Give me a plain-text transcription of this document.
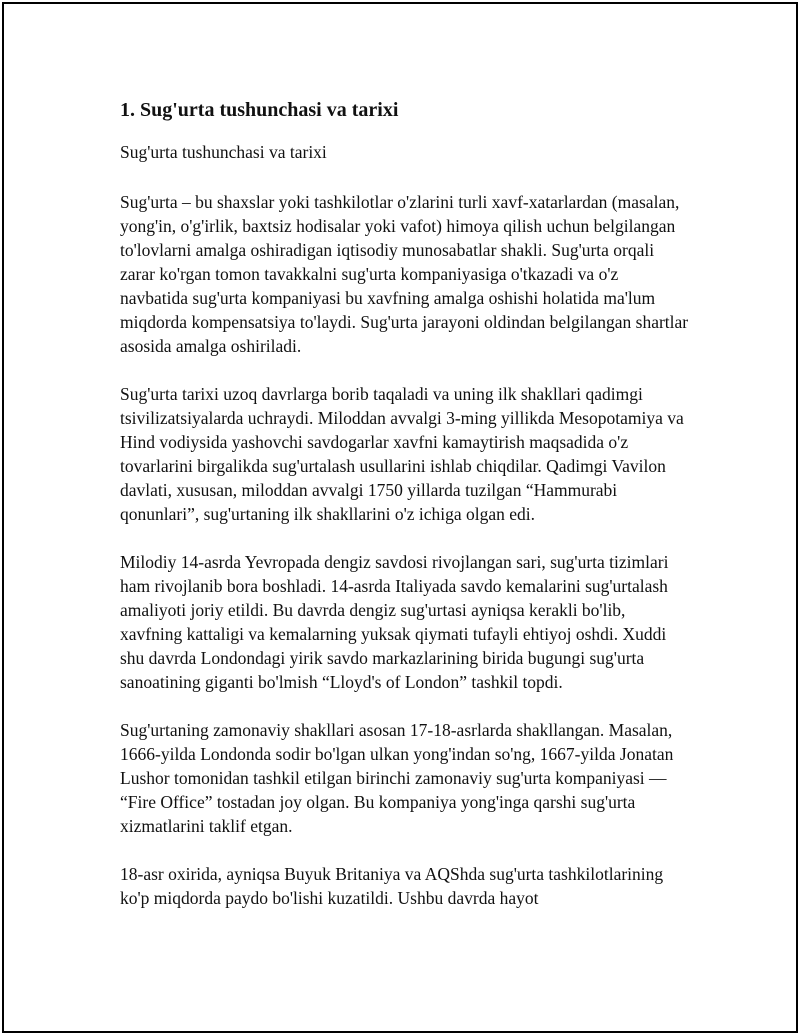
1. Sug'urta tushunchasi va tarixi
Sug'urta tushunchasi va tarixi

Sug'urta – bu shaxslar yoki tashkilotlar o'zlarini turli xavf-xatarlardan (masalan, yong'in, o'g'irlik, baxtsiz hodisalar yoki vafot) himoya qilish uchun belgilangan to'lovlarni amalga oshiradigan iqtisodiy munosabatlar shakli. Sug'urta orqali zarar ko'rgan tomon tavakkalni sug'urta kompaniyasiga o'tkazadi va o'z navbatida sug'urta kompaniyasi bu xavfning amalga oshishi holatida ma'lum miqdorda kompensatsiya to'laydi. Sug'urta jarayoni oldindan belgilangan shartlar asosida amalga oshiriladi.

Sug'urta tarixi uzoq davrlarga borib taqaladi va uning ilk shakllari qadimgi tsivilizatsiyalarda uchraydi. Miloddan avvalgi 3-ming yillikda Mesopotamiya va Hind vodiysida yashovchi savdogarlar xavfni kamaytirish maqsadida o'z tovarlarini birgalikda sug'urtalash usullarini ishlab chiqdilar. Qadimgi Vavilon davlati, xususan, miloddan avvalgi 1750 yillarda tuzilgan “Hammurabi qonunlari”, sug'urtaning ilk shakllarini o'z ichiga olgan edi.

Milodiy 14-asrda Yevropada dengiz savdosi rivojlangan sari, sug'urta tizimlari ham rivojlanib bora boshladi. 14-asrda Italiyada savdo kemalarini sug'urtalash amaliyoti joriy etildi. Bu davrda dengiz sug'urtasi ayniqsa kerakli bo'lib, xavfning kattaligi va kemalarning yuksak qiymati tufayli ehtiyoj oshdi. Xuddi shu davrda Londondagi yirik savdo markazlarining birida bugungi sug'urta sanoatining giganti bo'lmish “Lloyd's of London” tashkil topdi.

Sug'urtaning zamonaviy shakllari asosan 17-18-asrlarda shakllangan. Masalan, 1666-yilda Londonda sodir bo'lgan ulkan yong'indan so'ng, 1667-yilda Jonatan Lushor tomonidan tashkil etilgan birinchi zamonaviy sug'urta kompaniyasi — “Fire Office” tostadan joy olgan. Bu kompaniya yong'inga qarshi sug'urta xizmatlarini taklif etgan.

18-asr oxirida, ayniqsa Buyuk Britaniya va AQShda sug'urta tashkilotlarining ko'p miqdorda paydo bo'lishi kuzatildi. Ushbu davrda hayot
